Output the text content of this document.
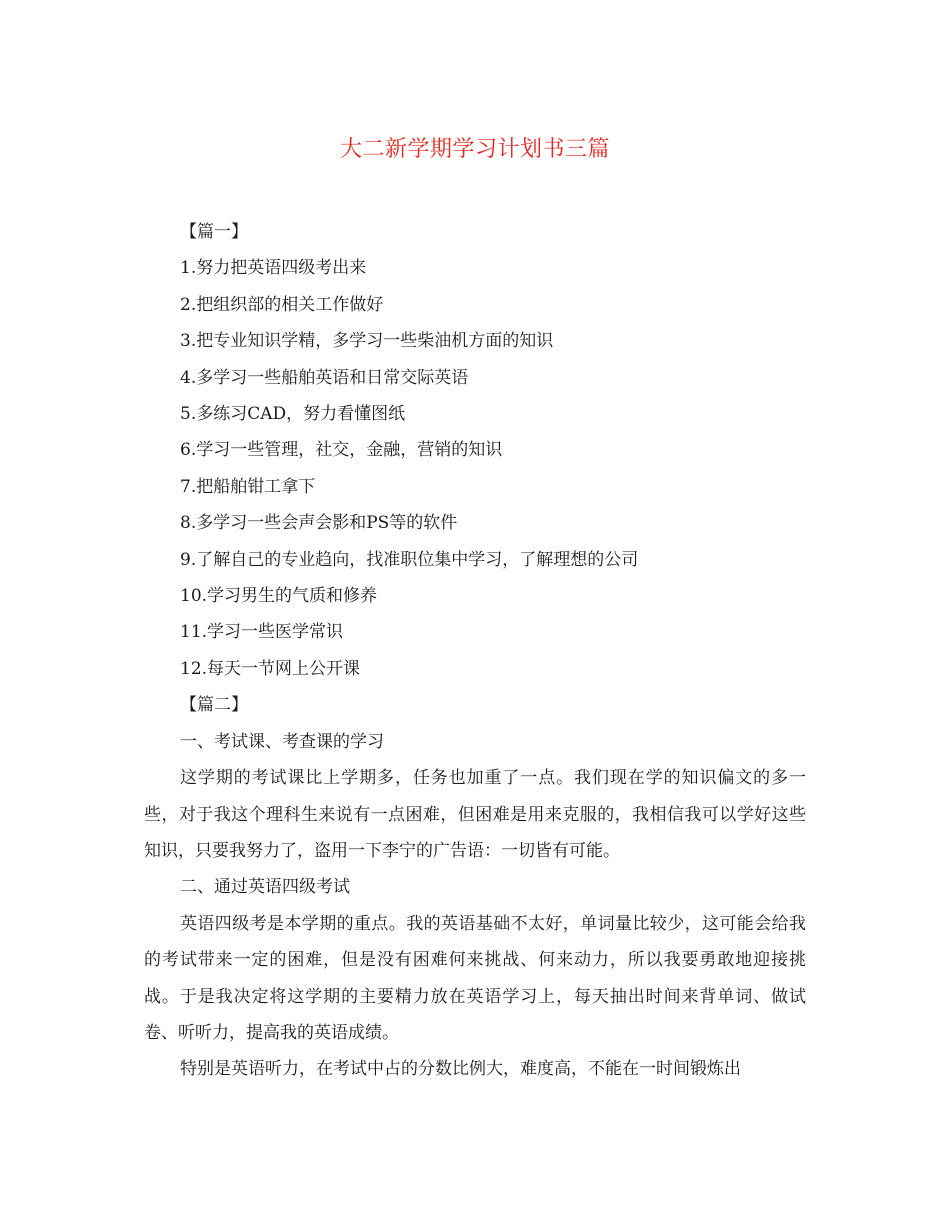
大二新学期学习计划书三篇

【篇一】

1.努力把英语四级考出来

2.把组织部的相关工作做好

3.把专业知识学精，多学习一些柴油机方面的知识

4.多学习一些船舶英语和日常交际英语

5.多练习CAD，努力看懂图纸

6.学习一些管理，社交，金融，营销的知识

7.把船舶钳工拿下

8.多学习一些会声会影和PS等的软件

9.了解自己的专业趋向，找准职位集中学习，了解理想的公司

10.学习男生的气质和修养

11.学习一些医学常识

12.每天一节网上公开课

【篇二】

一、考试课、考查课的学习

这学期的考试课比上学期多，任务也加重了一点。我们现在学的知识偏文的多一些，对于我这个理科生来说有一点困难，但困难是用来克服的，我相信我可以学好这些知识，只要我努力了，盗用一下李宁的广告语：一切皆有可能。

二、通过英语四级考试

英语四级考是本学期的重点。我的英语基础不太好，单词量比较少，这可能会给我的考试带来一定的困难，但是没有困难何来挑战、何来动力，所以我要勇敢地迎接挑战。于是我决定将这学期的主要精力放在英语学习上，每天抽出时间来背单词、做试卷、听听力，提高我的英语成绩。

特别是英语听力，在考试中占的分数比例大，难度高，不能在一时间锻炼出
